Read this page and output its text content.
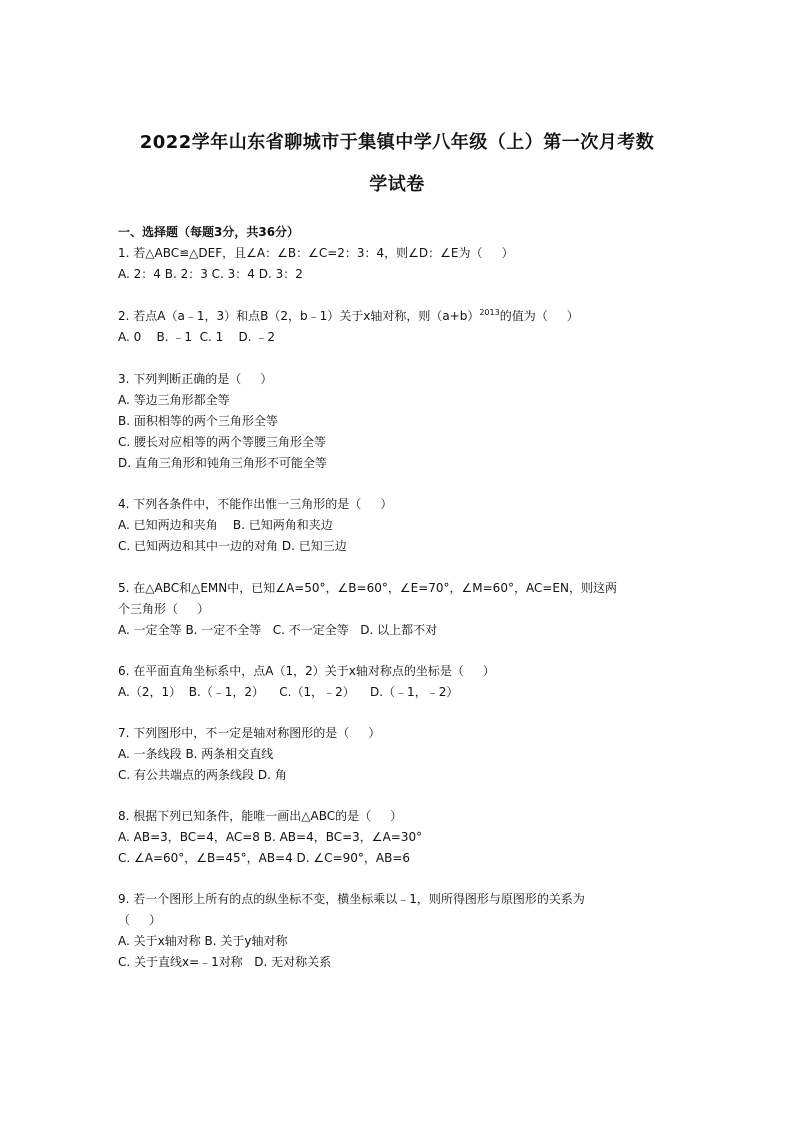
2022学年山东省聊城市于集镇中学八年级（上）第一次月考数
学试卷
一、选择题（每题3分，共36分）
1. 若△ABC≌△DEF，且∠A：∠B：∠C=2：3：4，则∠D：∠E为（     ）
A. 2：4 B. 2：3 C. 3：4 D. 3：2
2. 若点A（a﹣1，3）和点B（2，b﹣1）关于x轴对称，则$(a+b)^{2013}$的值为（     ）
A. 0    B. ﹣1  C. 1    D. ﹣2
3. 下列判断正确的是（     ）
A. 等边三角形都全等
B. 面积相等的两个三角形全等
C. 腰长对应相等的两个等腰三角形全等
D. 直角三角形和钝角三角形不可能全等
4. 下列各条件中，不能作出惟一三角形的是（     ）
A. 已知两边和夹角    B. 已知两角和夹边
C. 已知两边和其中一边的对角 D. 已知三边
5. 在△ABC和△EMN中，已知∠A=50°，∠B=60°，∠E=70°，∠M=60°，AC=EN，则这两
个三角形（     ）
A. 一定全等 B. 一定不全等   C. 不一定全等   D. 以上都不对
6. 在平面直角坐标系中，点A（1，2）关于x轴对称点的坐标是（     ）
A.（2，1）  B.（﹣1，2）    C.（1，﹣2）    D.（﹣1，﹣2）
7. 下列图形中，不一定是轴对称图形的是（     ）
A. 一条线段 B. 两条相交直线
C. 有公共端点的两条线段 D. 角
8. 根据下列已知条件，能唯一画出△ABC的是（     ）
A. AB=3，BC=4，AC=8 B. AB=4，BC=3，∠A=30°
C. ∠A=60°，∠B=45°，AB=4 D. ∠C=90°，AB=6
9. 若一个图形上所有的点的纵坐标不变，横坐标乘以﹣1，则所得图形与原图形的关系为
（     ）
A. 关于x轴对称 B. 关于y轴对称
C. 关于直线x=﹣1对称   D. 无对称关系
